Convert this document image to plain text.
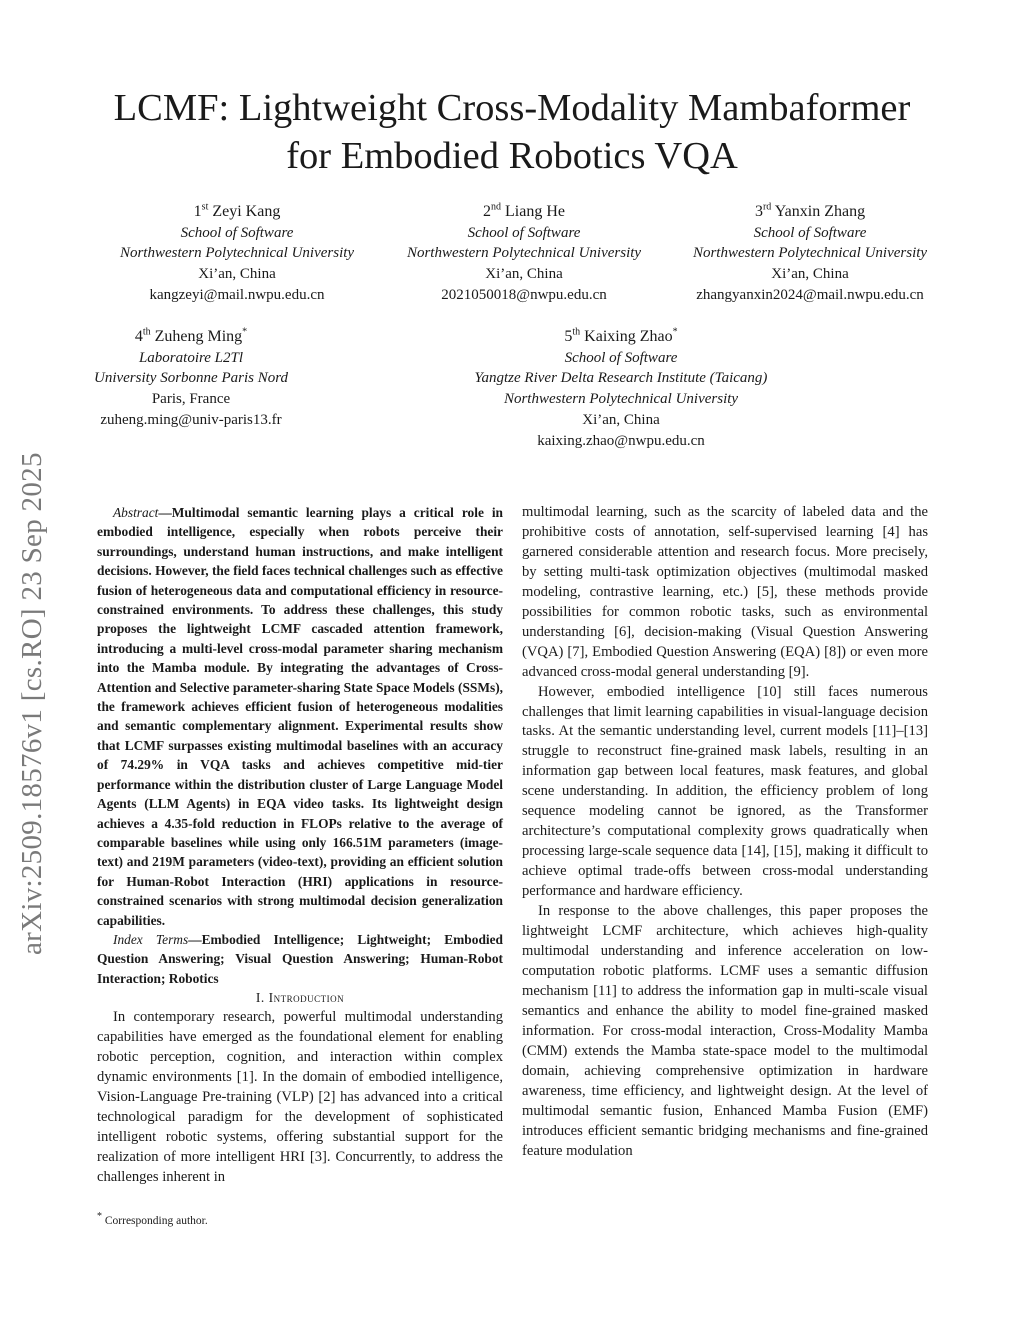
arXiv:2509.18576v1 [cs.RO] 23 Sep 2025
LCMF: Lightweight Cross-Modality Mambaformer
for Embodied Robotics VQA
1st Zeyi Kang
School of Software
Northwestern Polytechnical University
Xi’an, China
kangzeyi@mail.nwpu.edu.cn
2nd Liang He
School of Software
Northwestern Polytechnical University
Xi’an, China
2021050018@nwpu.edu.cn
3rd Yanxin Zhang
School of Software
Northwestern Polytechnical University
Xi’an, China
zhangyanxin2024@mail.nwpu.edu.cn
4th Zuheng Ming*
Laboratoire L2Tl
University Sorbonne Paris Nord
Paris, France
zuheng.ming@univ-paris13.fr
5th Kaixing Zhao*
School of Software
Yangtze River Delta Research Institute (Taicang)
Northwestern Polytechnical University
Xi’an, China
kaixing.zhao@nwpu.edu.cn

Abstract—Multimodal semantic learning plays a critical role in embodied intelligence, especially when robots perceive their surroundings, understand human instructions, and make intelligent decisions. However, the field faces technical challenges such as effective fusion of heterogeneous data and computational efficiency in resource-constrained environments. To address these challenges, this study proposes the lightweight LCMF cascaded attention framework, introducing a multi-level cross-modal parameter sharing mechanism into the Mamba module. By integrating the advantages of Cross-Attention and Selective parameter-sharing State Space Models (SSMs), the framework achieves efficient fusion of heterogeneous modalities and semantic complementary alignment. Experimental results show that LCMF surpasses existing multimodal baselines with an accuracy of 74.29% in VQA tasks and achieves competitive mid-tier performance within the distribution cluster of Large Language Model Agents (LLM Agents) in EQA video tasks. Its lightweight design achieves a 4.35-fold reduction in FLOPs relative to the average of comparable baselines while using only 166.51M parameters (image-text) and 219M parameters (video-text), providing an efficient solution for Human-Robot Interaction (HRI) applications in resource-constrained scenarios with strong multimodal decision generalization capabilities.

Index Terms—Embodied Intelligence; Lightweight; Embodied Question Answering; Visual Question Answering; Human-Robot Interaction; Robotics

I. Introduction

In contemporary research, powerful multimodal understanding capabilities have emerged as the foundational element for enabling robotic perception, cognition, and interaction within complex dynamic environments [1]. In the domain of embodied intelligence, Vision-Language Pre-training (VLP) [2] has advanced into a critical technological paradigm for the development of sophisticated intelligent robotic systems, offering substantial support for the realization of more intelligent HRI [3]. Concurrently, to address the challenges inherent in

* Corresponding author.

multimodal learning, such as the scarcity of labeled data and the prohibitive costs of annotation, self-supervised learning [4] has garnered considerable attention and research focus. More precisely, by setting multi-task optimization objectives (multimodal masked modeling, contrastive learning, etc.) [5], these methods provide possibilities for common robotic tasks, such as environmental understanding [6], decision-making (Visual Question Answering (VQA) [7], Embodied Question Answering (EQA) [8]) or even more advanced cross-modal general understanding [9].

However, embodied intelligence [10] still faces numerous challenges that limit learning capabilities in visual-language decision tasks. At the semantic understanding level, current models [11]–[13] struggle to reconstruct fine-grained mask labels, resulting in an information gap between local features, mask features, and global scene understanding. In addition, the efficiency problem of long sequence modeling cannot be ignored, as the Transformer architecture’s computational complexity grows quadratically when processing large-scale sequence data [14], [15], making it difficult to achieve optimal trade-offs between cross-modal understanding performance and hardware efficiency.

In response to the above challenges, this paper proposes the lightweight LCMF architecture, which achieves high-quality multimodal understanding and inference acceleration on low-computation robotic platforms. LCMF uses a semantic diffusion mechanism [11] to address the information gap in multi-scale visual semantics and enhance the ability to model fine-grained masked information. For cross-modal interaction, Cross-Modality Mamba (CMM) extends the Mamba state-space model to the multimodal domain, achieving comprehensive optimization in hardware awareness, time efficiency, and lightweight design. At the level of multimodal semantic fusion, Enhanced Mamba Fusion (EMF) introduces efficient semantic bridging mechanisms and fine-grained feature modulation
